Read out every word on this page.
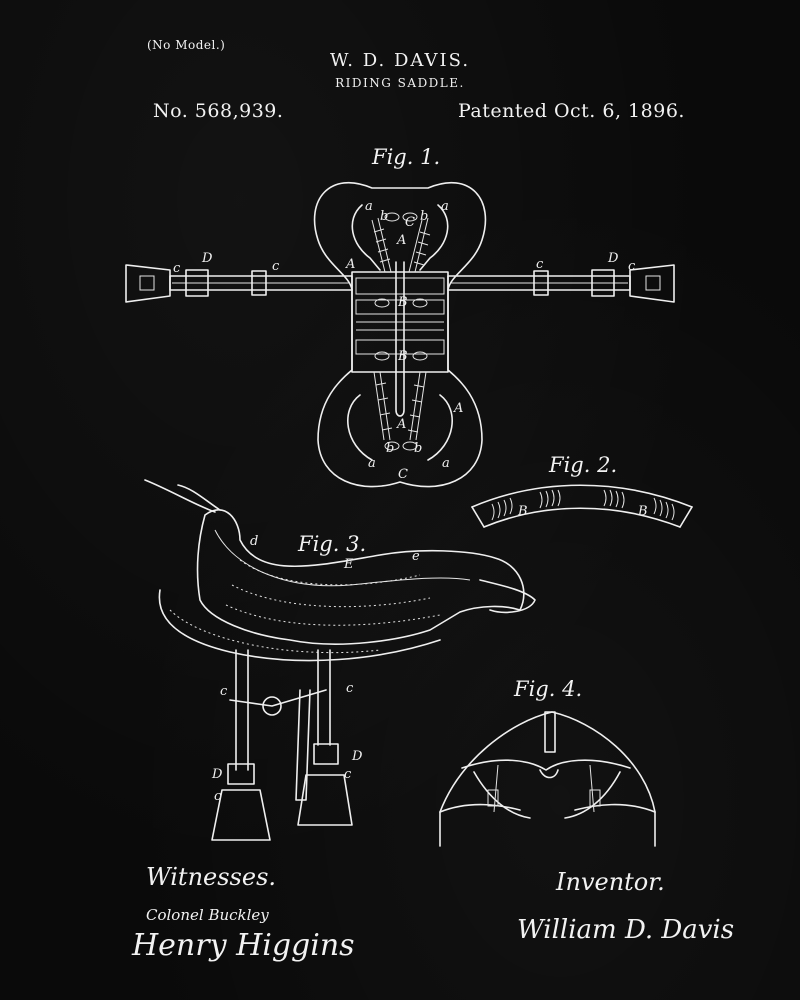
(No Model.)
W. D. DAVIS.
RIDING SADDLE.
No. 568,939.	Patented Oct. 6, 1896.
Fig. 1.
Fig. 2.
Fig. 3.
Fig. 4.
a	a
b b
C
A
A
B
B
A
A
b b
a	a
C
c
D
c	c	D
c
B	B
d
E
e
c	c
D
c
D
c
Witnesses.
Colonel Buckley
Henry Higgins
Inventor.
William D. Davis
